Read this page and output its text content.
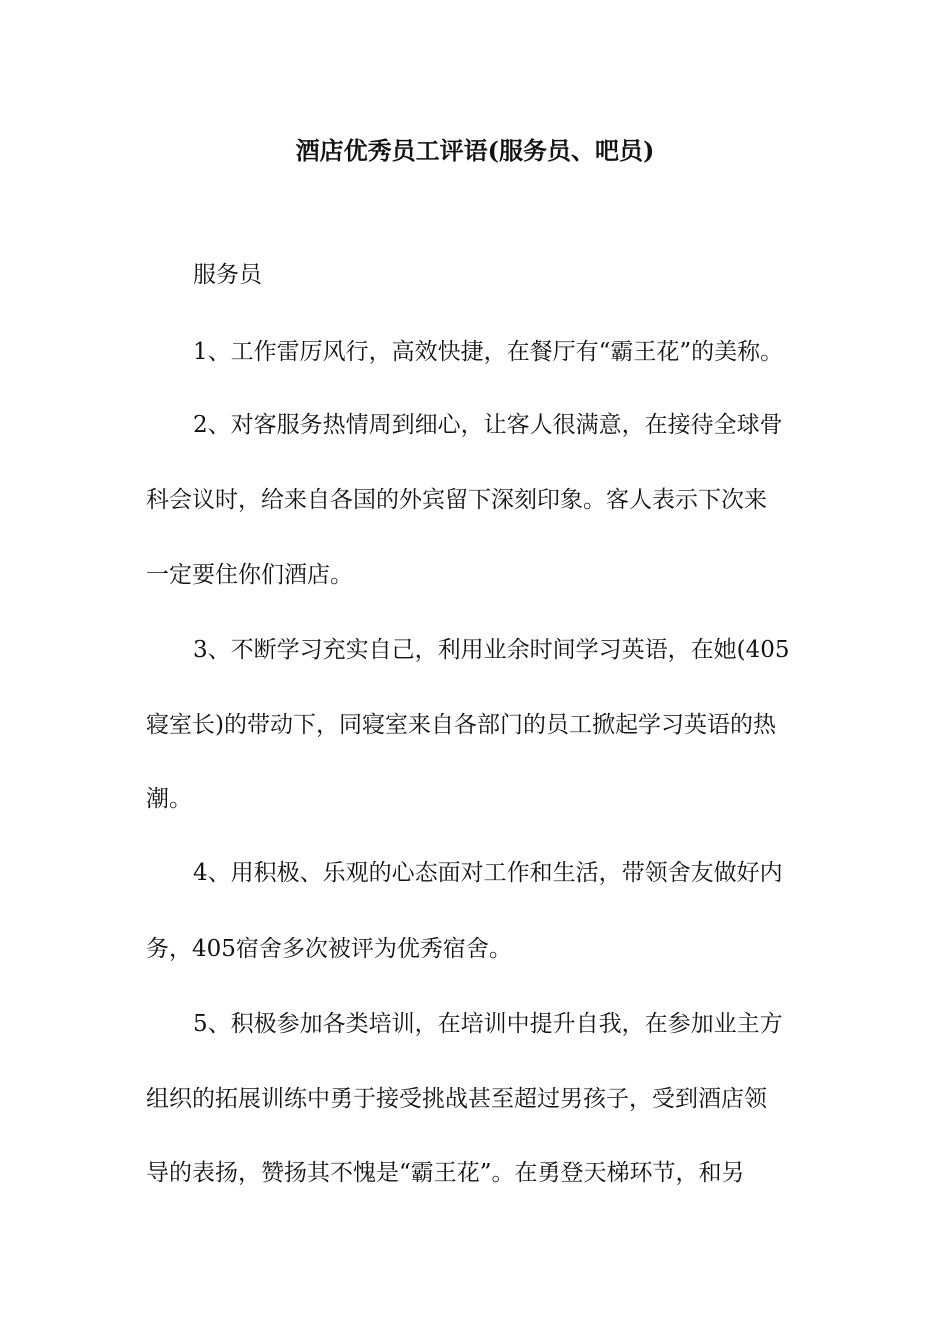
酒店优秀员工评语(服务员、吧员)
服务员
1、工作雷厉风行，高效快捷，在餐厅有“霸王花”的美称。
2、对客服务热情周到细心，让客人很满意，在接待全球骨
科会议时，给来自各国的外宾留下深刻印象。客人表示下次来
一定要住你们酒店。
3、不断学习充实自己，利用业余时间学习英语，在她(405
寝室长)的带动下，同寝室来自各部门的员工掀起学习英语的热
潮。
4、用积极、乐观的心态面对工作和生活，带领舍友做好内
务，405宿舍多次被评为优秀宿舍。
5、积极参加各类培训，在培训中提升自我，在参加业主方
组织的拓展训练中勇于接受挑战甚至超过男孩子，受到酒店领
导的表扬，赞扬其不愧是“霸王花”。在勇登天梯环节，和另
